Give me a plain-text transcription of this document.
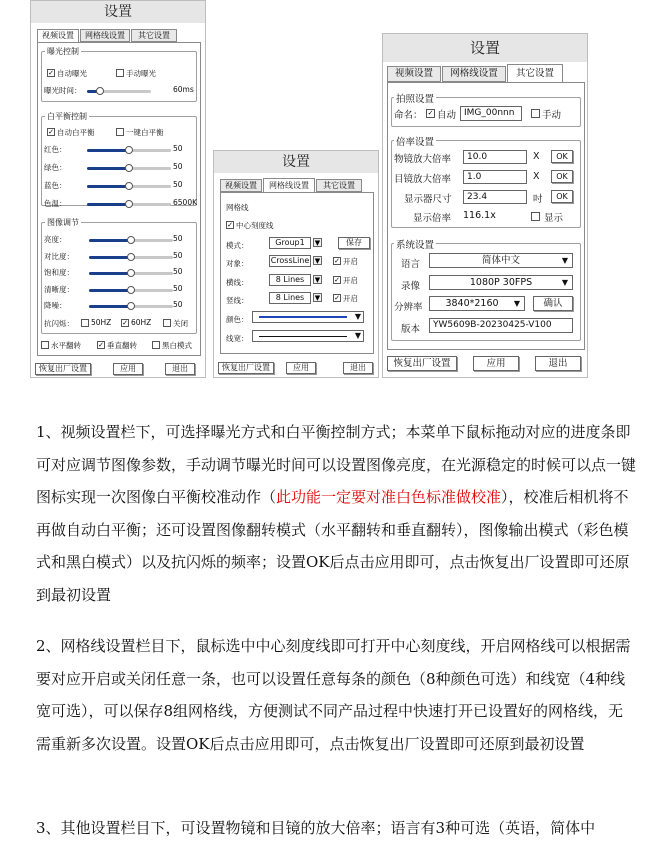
设置
视频设置	网格线设置	其它设置
曝光控制
✓ 自动曝光	手动曝光
曝光时间：	60ms
白平衡控制
✓ 自动白平衡	一键白平衡
红色：	50
绿色：	50
蓝色：	50
色温：	6500K
图像调节
亮度：	50
对比度：	50
饱和度：	50
清晰度：	50
降噪：	50
抗闪烁： 50HZ ✓ 60HZ	关闭
水平翻转 ✓ 垂直翻转	黑白模式
恢复出厂设置	应用	退出
设置
视频设置	网格线设置	其它设置
网格线
✓ 中心刻度线
模式：	Group1	▼	保存
对象：	CrossLine ▼ ✓ 开启
横线：	8 Lines	▼ ✓ 开启
竖线：	8 Lines	▼ ✓ 开启
颜色：	▼
线宽：	▼
恢复出厂设置	应用	退出
设置
视频设置	网格线设置	其它设置
拍照设置
命名： ✓ 自动 IMG_00nnn	手动
倍率设置
物镜放大倍率	10.0	X	OK
目镜放大倍率	1.0	X	OK
显示器尺寸	23.4	吋	OK
显示倍率 116.1x	显示
系统设置
语言	简体中文	▼
录像	1080P 30FPS	▼
分辨率	3840*2160 ▼	确认
版本	YW5609B-20230425-V100
恢复出厂设置	应用	退出
1、视频设置栏下，可选择曝光方式和白平衡控制方式；本菜单下鼠标拖动对应的进度条即可对应调节图像参数，手动调节曝光时间可以设置图像亮度，在光源稳定的时候可以点一键图标实现一次图像白平衡校准动作（此功能一定要对准白色标准做校准），校准后相机将不再做自动白平衡；还可设置图像翻转模式（水平翻转和垂直翻转），图像输出模式（彩色模式和黑白模式）以及抗闪烁的频率；设置OK后点击应用即可，点击恢复出厂设置即可还原到最初设置
2、网格线设置栏目下，鼠标选中中心刻度线即可打开中心刻度线，开启网格线可以根据需要对应开启或关闭任意一条，也可以设置任意每条的颜色（8种颜色可选）和线宽（4种线宽可选），可以保存8组网格线，方便测试不同产品过程中快速打开已设置好的网格线，无需重新多次设置。设置OK后点击应用即可，点击恢复出厂设置即可还原到最初设置
3、其他设置栏目下，可设置物镜和目镜的放大倍率；语言有3种可选（英语，简体中
